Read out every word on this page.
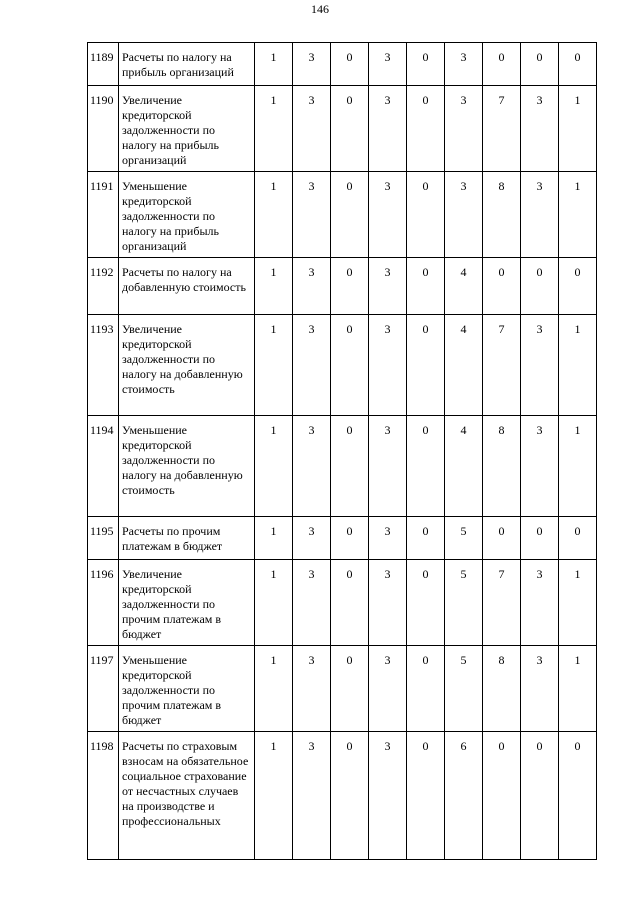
146
1189	Расчеты по налогу на прибыль организаций	1	3	0	3	0	3	0	0	0
1190	Увеличение кредиторской задолженности по налогу на прибыль организаций	1	3	0	3	0	3	7	3	1
1191	Уменьшение кредиторской задолженности по налогу на прибыль организаций	1	3	0	3	0	3	8	3	1
1192	Расчеты по налогу на добавленную стоимость	1	3	0	3	0	4	0	0	0
1193	Увеличение кредиторской задолженности по налогу на добавленную стоимость	1	3	0	3	0	4	7	3	1
1194	Уменьшение кредиторской задолженности по налогу на добавленную стоимость	1	3	0	3	0	4	8	3	1
1195	Расчеты по прочим платежам в бюджет	1	3	0	3	0	5	0	0	0
1196	Увеличение кредиторской задолженности по прочим платежам в бюджет	1	3	0	3	0	5	7	3	1
1197	Уменьшение кредиторской задолженности по прочим платежам в бюджет	1	3	0	3	0	5	8	3	1
1198	Расчеты по страховым взносам на обязательное социальное страхование от несчастных случаев на производстве и профессиональных	1	3	0	3	0	6	0	0	0
